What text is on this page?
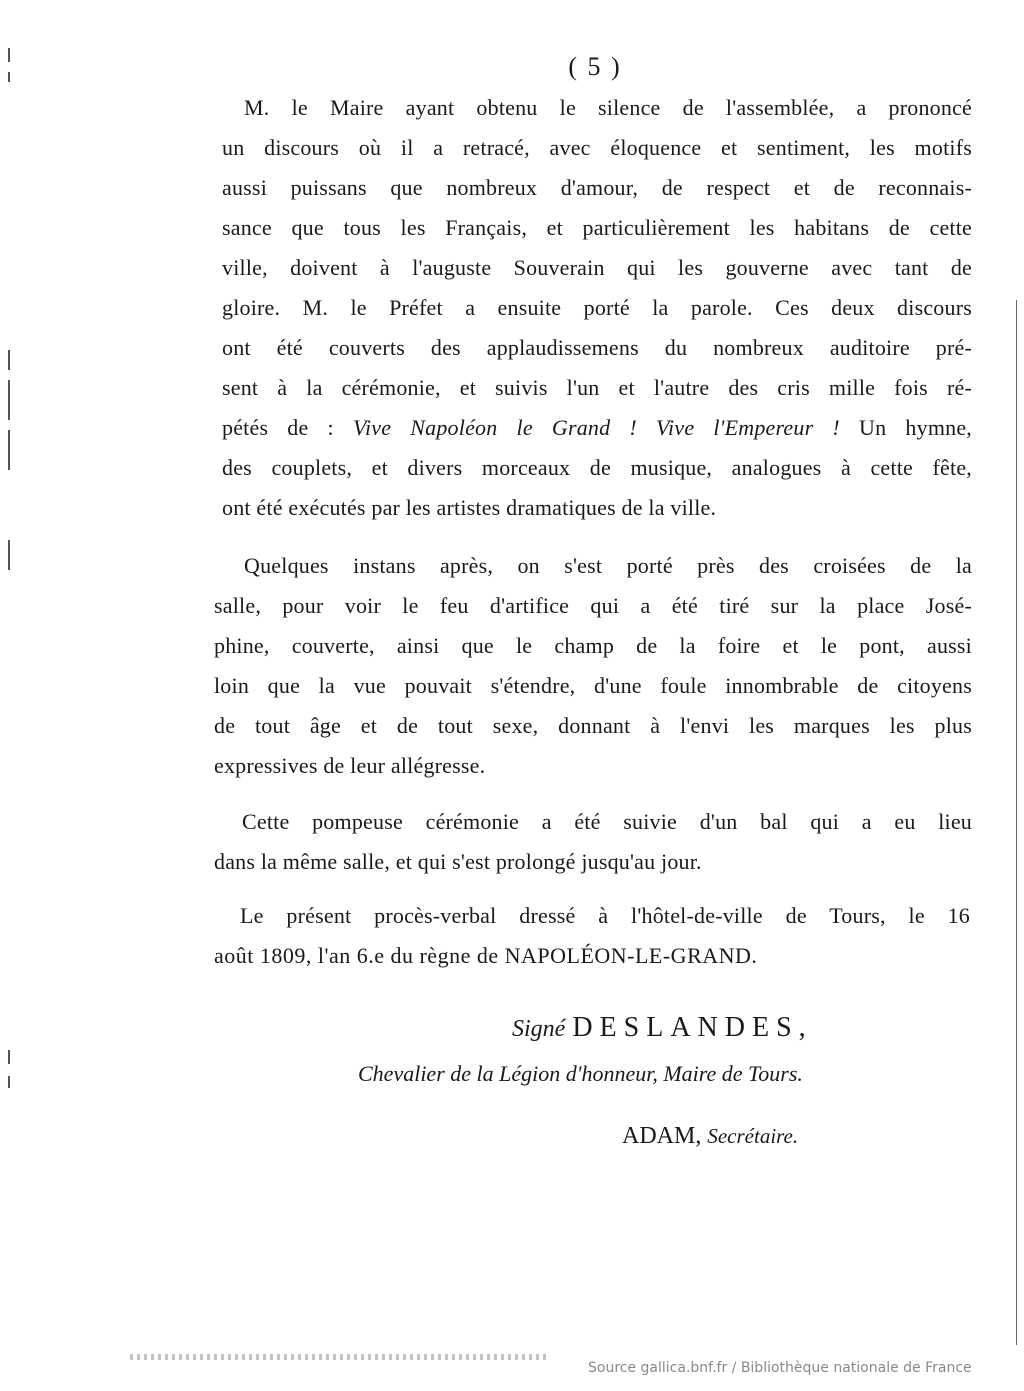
( 5 )
M. le Maire ayant obtenu le silence de l'assemblée, a prononcé
un discours où il a retracé, avec éloquence et sentiment, les motifs
aussi puissans que nombreux d'amour, de respect et de reconnais-
sance que tous les Français, et particulièrement les habitans de cette
ville, doivent à l'auguste Souverain qui les gouverne avec tant de
gloire. M. le Préfet a ensuite porté la parole. Ces deux discours
ont été couverts des applaudissemens du nombreux auditoire pré-
sent à la cérémonie, et suivis l'un et l'autre des cris mille fois ré-
pétés de : Vive Napoléon le Grand ! Vive l'Empereur ! Un hymne,
des couplets, et divers morceaux de musique, analogues à cette fête,
ont été exécutés par les artistes dramatiques de la ville.
Quelques instans après, on s'est porté près des croisées de la
salle, pour voir le feu d'artifice qui a été tiré sur la place José-
phine, couverte, ainsi que le champ de la foire et le pont, aussi
loin que la vue pouvait s'étendre, d'une foule innombrable de citoyens
de tout âge et de tout sexe, donnant à l'envi les marques les plus
expressives de leur allégresse.
Cette pompeuse cérémonie a été suivie d'un bal qui a eu lieu
dans la même salle, et qui s'est prolongé jusqu'au jour.
Le présent procès-verbal dressé à l'hôtel-de-ville de Tours, le 16
août 1809, l'an 6.e du règne de NAPOLÉON-LE-GRAND.
Signé DESLANDES,
Chevalier de la Légion d'honneur, Maire de Tours.
ADAM, Secrétaire.
Source gallica.bnf.fr / Bibliothèque nationale de France
